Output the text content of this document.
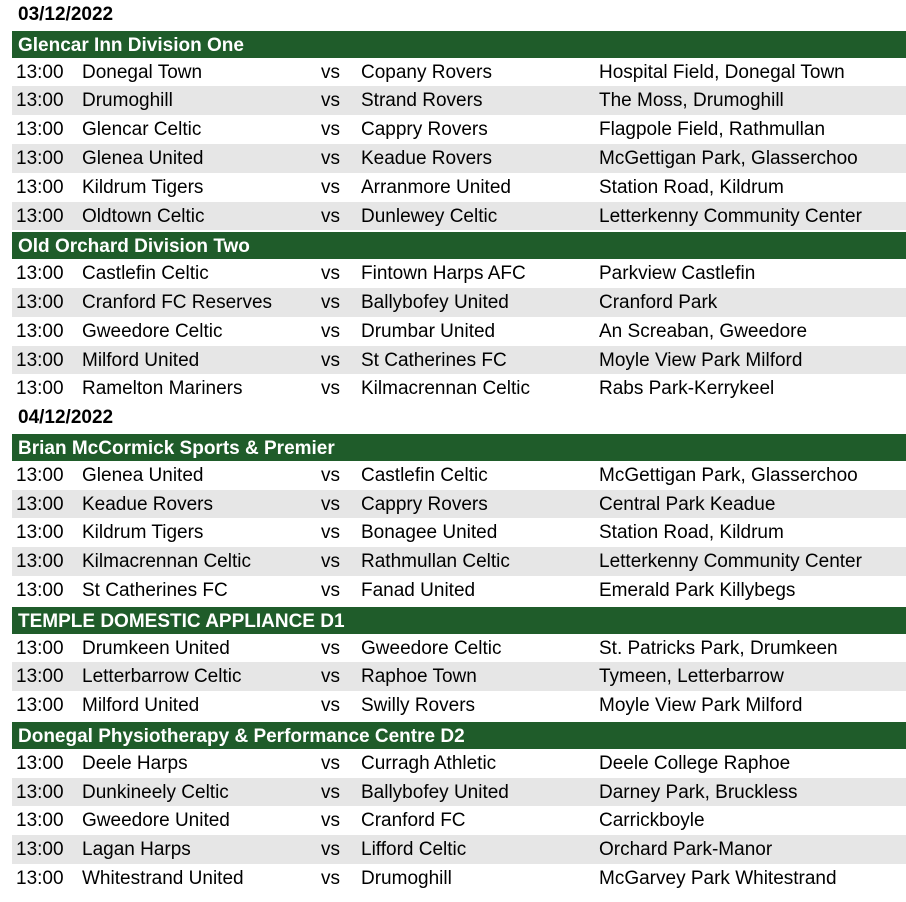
03/12/2022
Glencar Inn Division One
13:00 Donegal Town	vs Copany Rovers	Hospital Field, Donegal Town
13:00 Drumoghill	vs Strand Rovers	The Moss, Drumoghill
13:00 Glencar Celtic	vs Cappry Rovers	Flagpole Field, Rathmullan
13:00 Glenea United	vs Keadue Rovers	McGettigan Park, Glasserchoo
13:00 Kildrum Tigers	vs Arranmore United	Station Road, Kildrum
13:00 Oldtown Celtic	vs Dunlewey Celtic	Letterkenny Community Center
Old Orchard Division Two
13:00 Castlefin Celtic	vs Fintown Harps AFC	Parkview Castlefin
13:00 Cranford FC Reserves	vs Ballybofey United	Cranford Park
13:00 Gweedore Celtic	vs Drumbar United	An Screaban, Gweedore
13:00 Milford United	vs St Catherines FC	Moyle View Park Milford
13:00 Ramelton Mariners	vs Kilmacrennan Celtic	Rabs Park-Kerrykeel
04/12/2022
Brian McCormick Sports & Premier
13:00 Glenea United	vs Castlefin Celtic	McGettigan Park, Glasserchoo
13:00 Keadue Rovers	vs Cappry Rovers	Central Park Keadue
13:00 Kildrum Tigers	vs Bonagee United	Station Road, Kildrum
13:00 Kilmacrennan Celtic	vs Rathmullan Celtic	Letterkenny Community Center
13:00 St Catherines FC	vs Fanad United	Emerald Park Killybegs
TEMPLE DOMESTIC APPLIANCE D1
13:00 Drumkeen United	vs Gweedore Celtic	St. Patricks Park, Drumkeen
13:00 Letterbarrow Celtic	vs Raphoe Town	Tymeen, Letterbarrow
13:00 Milford United	vs Swilly Rovers	Moyle View Park Milford
Donegal Physiotherapy & Performance Centre D2
13:00 Deele Harps	vs Curragh Athletic	Deele College Raphoe
13:00 Dunkineely Celtic	vs Ballybofey United	Darney Park, Bruckless
13:00 Gweedore United	vs Cranford FC	Carrickboyle
13:00 Lagan Harps	vs Lifford Celtic	Orchard Park-Manor
13:00 Whitestrand United	vs Drumoghill	McGarvey Park Whitestrand
